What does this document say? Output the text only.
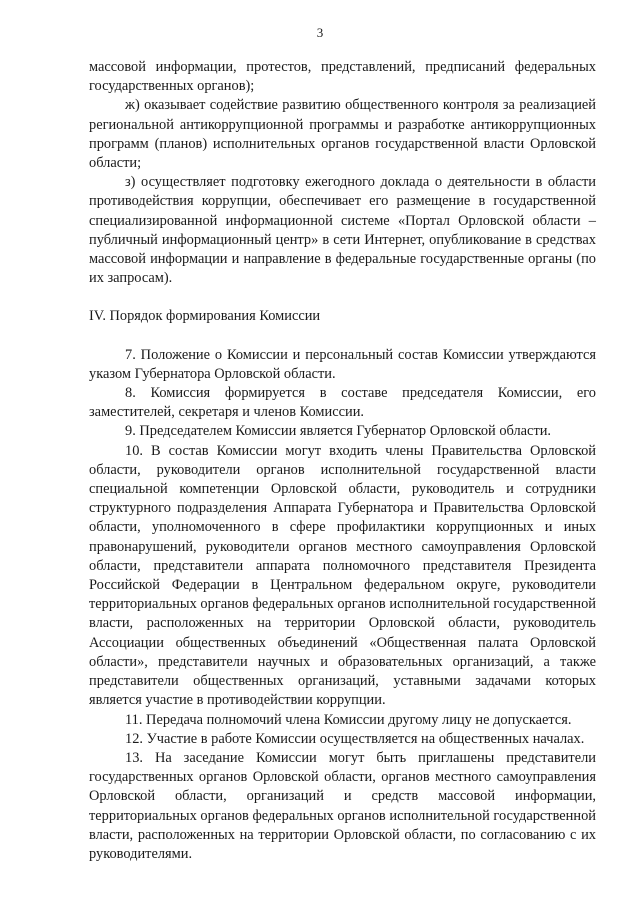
3

массовой информации, протестов, представлений, предписаний федеральных государственных органов);

ж) оказывает содействие развитию общественного контроля за реализацией региональной антикоррупционной программы и разработке антикоррупционных программ (планов) исполнительных органов государственной власти Орловской области;

з) осуществляет подготовку ежегодного доклада о деятельности в области противодействия коррупции, обеспечивает его размещение в государственной специализированной информационной системе «Портал Орловской области – публичный информационный центр» в сети Интернет, опубликование в средствах массовой информации и направление в федеральные государственные органы (по их запросам).

IV. Порядок формирования Комиссии

7. Положение о Комиссии и персональный состав Комиссии утверждаются указом Губернатора Орловской области.

8. Комиссия формируется в составе председателя Комиссии, его заместителей, секретаря и членов Комиссии.

9. Председателем Комиссии является Губернатор Орловской области.

10. В состав Комиссии могут входить члены Правительства Орловской области, руководители органов исполнительной государственной власти специальной компетенции Орловской области, руководитель и сотрудники структурного подразделения Аппарата Губернатора и Правительства Орловской области, уполномоченного в сфере профилактики коррупционных и иных правонарушений, руководители органов местного самоуправления Орловской области, представители аппарата полномочного представителя Президента Российской Федерации в Центральном федеральном округе, руководители территориальных органов федеральных органов исполнительной государственной власти, расположенных на территории Орловской области, руководитель Ассоциации общественных объединений «Общественная палата Орловской области», представители научных и образовательных организаций, а также представители общественных организаций, уставными задачами которых является участие в противодействии коррупции.

11. Передача полномочий члена Комиссии другому лицу не допускается.

12. Участие в работе Комиссии осуществляется на общественных началах.

13. На заседание Комиссии могут быть приглашены представители государственных органов Орловской области, органов местного самоуправления Орловской области, организаций и средств массовой информации, территориальных органов федеральных органов исполнительной государственной власти, расположенных на территории Орловской области, по согласованию с их руководителями.
